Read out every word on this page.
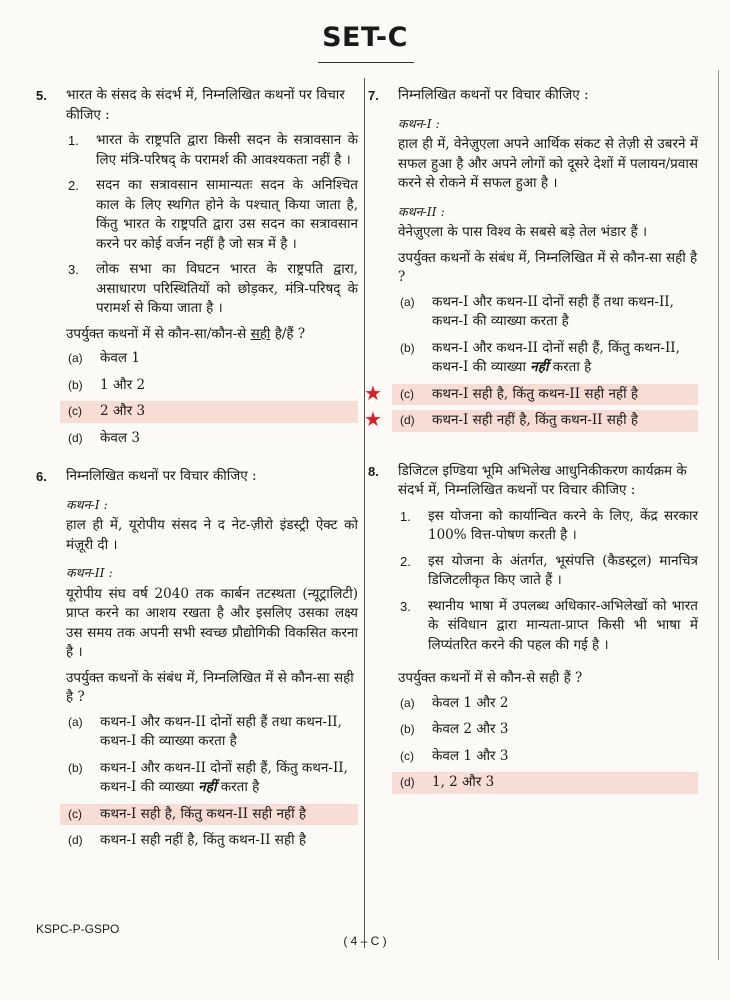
SET-C
5. भारत के संसद के संदर्भ में, निम्नलिखित कथनों पर विचार कीजिए :
1. भारत के राष्ट्रपति द्वारा किसी सदन के सत्रावसान के लिए मंत्रि-परिषद् के परामर्श की आवश्यकता नहीं है ।
2. सदन का सत्रावसान सामान्यतः सदन के अनिश्चित काल के लिए स्थगित होने के पश्चात् किया जाता है, किंतु भारत के राष्ट्रपति द्वारा उस सदन का सत्रावसान करने पर कोई वर्जन नहीं है जो सत्र में है ।
3. लोक सभा का विघटन भारत के राष्ट्रपति द्वारा, असाधारण परिस्थितियों को छोड़कर, मंत्रि-परिषद् के परामर्श से किया जाता है ।
उपर्युक्त कथनों में से कौन-सा/कौन-से सही है/हैं ?
(a) केवल 1
(b) 1 और 2
(c) 2 और 3
(d) केवल 3
6. निम्नलिखित कथनों पर विचार कीजिए :
कथन-I :
हाल ही में, यूरोपीय संसद ने द नेट-ज़ीरो इंडस्ट्री ऐक्ट को मंज़ूरी दी ।
कथन-II :
यूरोपीय संघ वर्ष 2040 तक कार्बन तटस्थता (न्यूट्रालिटी) प्राप्त करने का आशय रखता है और इसलिए उसका लक्ष्य उस समय तक अपनी सभी स्वच्छ प्रौद्योगिकी विकसित करना है ।
उपर्युक्त कथनों के संबंध में, निम्नलिखित में से कौन-सा सही है ?
(a) कथन-I और कथन-II दोनों सही हैं तथा कथन-II, कथन-I की व्याख्या करता है
(b) कथन-I और कथन-II दोनों सही हैं, किंतु कथन-II, कथन-I की व्याख्या नहीं करता है
(c) कथन-I सही है, किंतु कथन-II सही नहीं है
(d) कथन-I सही नहीं है, किंतु कथन-II सही है
7. निम्नलिखित कथनों पर विचार कीजिए :
कथन-I :
हाल ही में, वेनेज़ुएला अपने आर्थिक संकट से तेज़ी से उबरने में सफल हुआ है और अपने लोगों को दूसरे देशों में पलायन/प्रवास करने से रोकने में सफल हुआ है ।
कथन-II :
वेनेज़ुएला के पास विश्व के सबसे बड़े तेल भंडार हैं ।
उपर्युक्त कथनों के संबंध में, निम्नलिखित में से कौन-सा सही है ?
(a) कथन-I और कथन-II दोनों सही हैं तथा कथन-II, कथन-I की व्याख्या करता है
(b) कथन-I और कथन-II दोनों सही हैं, किंतु कथन-II, कथन-I की व्याख्या नहीं करता है
★ (c) कथन-I सही है, किंतु कथन-II सही नहीं है
★ (d) कथन-I सही नहीं है, किंतु कथन-II सही है
8. डिजिटल इण्डिया भूमि अभिलेख आधुनिकीकरण कार्यक्रम के संदर्भ में, निम्नलिखित कथनों पर विचार कीजिए :
1. इस योजना को कार्यान्वित करने के लिए, केंद्र सरकार 100% वित्त-पोषण करती है ।
2. इस योजना के अंतर्गत, भूसंपत्ति (कैडस्ट्रल) मानचित्र डिजिटलीकृत किए जाते हैं ।
3. स्थानीय भाषा में उपलब्ध अधिकार-अभिलेखों को भारत के संविधान द्वारा मान्यता-प्राप्त किसी भी भाषा में लिप्यंतरित करने की पहल की गई है ।
उपर्युक्त कथनों में से कौन-से सही हैं ?
(a) केवल 1 और 2
(b) केवल 2 और 3
(c) केवल 1 और 3
(d) 1, 2 और 3
KSPC-P-GSPO
( 4 – C )
